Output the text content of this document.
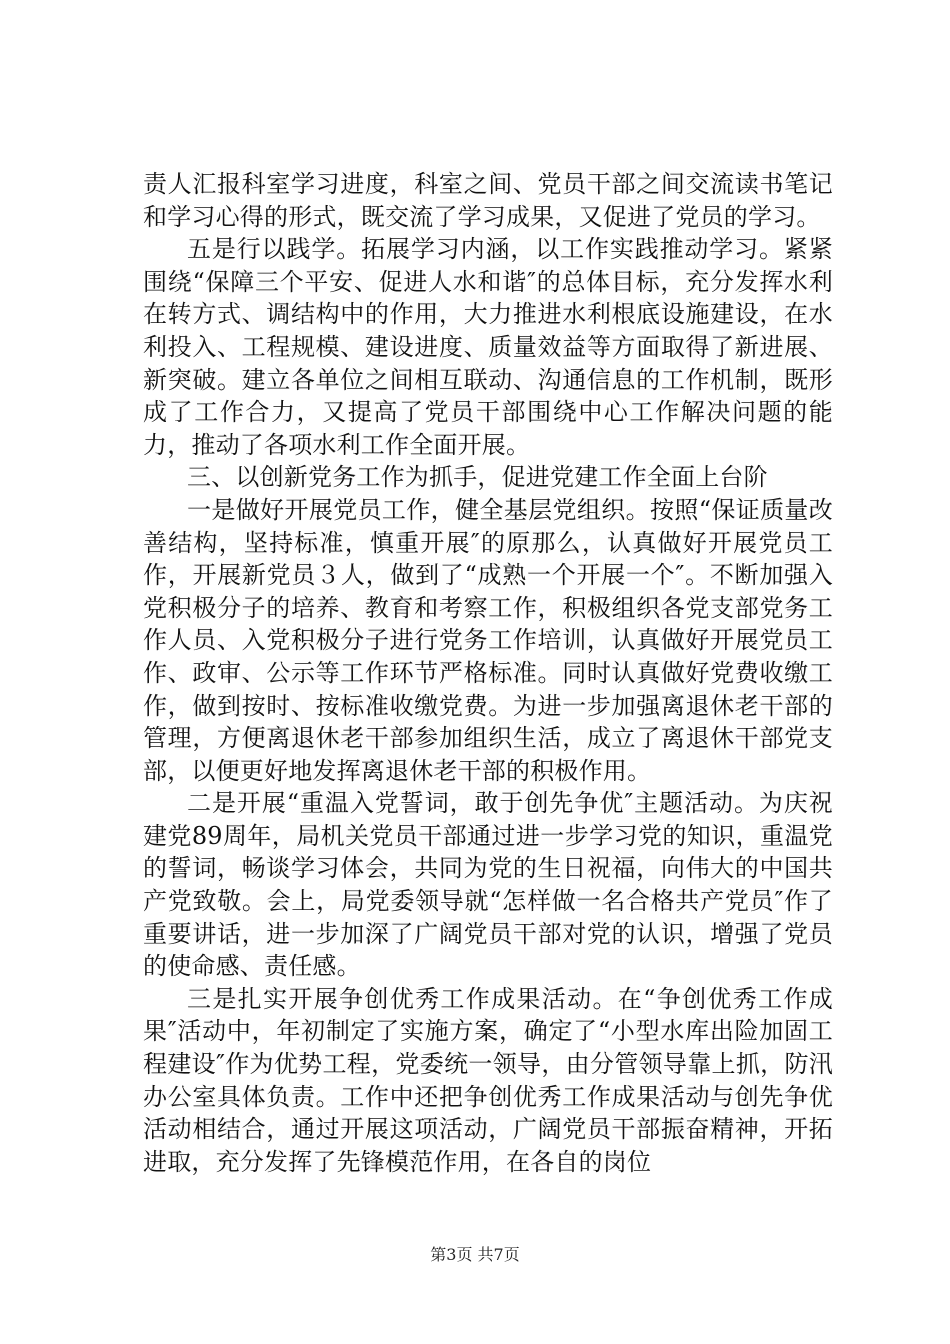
责人汇报科室学习进度，科室之间、党员干部之间交流读书笔记和学习心得的形式，既交流了学习成果，又促进了党员的学习。

五是行以践学。拓展学习内涵，以工作实践推动学习。紧紧围绕“保障三个平安、促进人水和谐″的总体目标，充分发挥水利在转方式、调结构中的作用，大力推进水利根底设施建设，在水利投入、工程规模、建设进度、质量效益等方面取得了新进展、新突破。建立各单位之间相互联动、沟通信息的工作机制，既形成了工作合力，又提高了党员干部围绕中心工作解决问题的能力，推动了各项水利工作全面开展。

三、以创新党务工作为抓手，促进党建工作全面上台阶

一是做好开展党员工作，健全基层党组织。按照“保证质量改善结构，坚持标准，慎重开展″的原那么，认真做好开展党员工作，开展新党员３人，做到了“成熟一个开展一个″。不断加强入党积极分子的培养、教育和考察工作，积极组织各党支部党务工作人员、入党积极分子进行党务工作培训，认真做好开展党员工作、政审、公示等工作环节严格标准。同时认真做好党费收缴工作，做到按时、按标准收缴党费。为进一步加强离退休老干部的管理，方便离退休老干部参加组织生活，成立了离退休干部党支部，以便更好地发挥离退休老干部的积极作用。

二是开展“重温入党誓词，敢于创先争优″主题活动。为庆祝建党89周年，局机关党员干部通过进一步学习党的知识，重温党的誓词，畅谈学习体会，共同为党的生日祝福，向伟大的中国共产党致敬。会上，局党委领导就“怎样做一名合格共产党员″作了重要讲话，进一步加深了广阔党员干部对党的认识，增强了党员的使命感、责任感。

三是扎实开展争创优秀工作成果活动。在“争创优秀工作成果″活动中，年初制定了实施方案，确定了“小型水库出险加固工程建设″作为优势工程，党委统一领导，由分管领导靠上抓，防汛办公室具体负责。工作中还把争创优秀工作成果活动与创先争优活动相结合，通过开展这项活动，广阔党员干部振奋精神，开拓进取，充分发挥了先锋模范作用，在各自的岗位

第3页 共7页
